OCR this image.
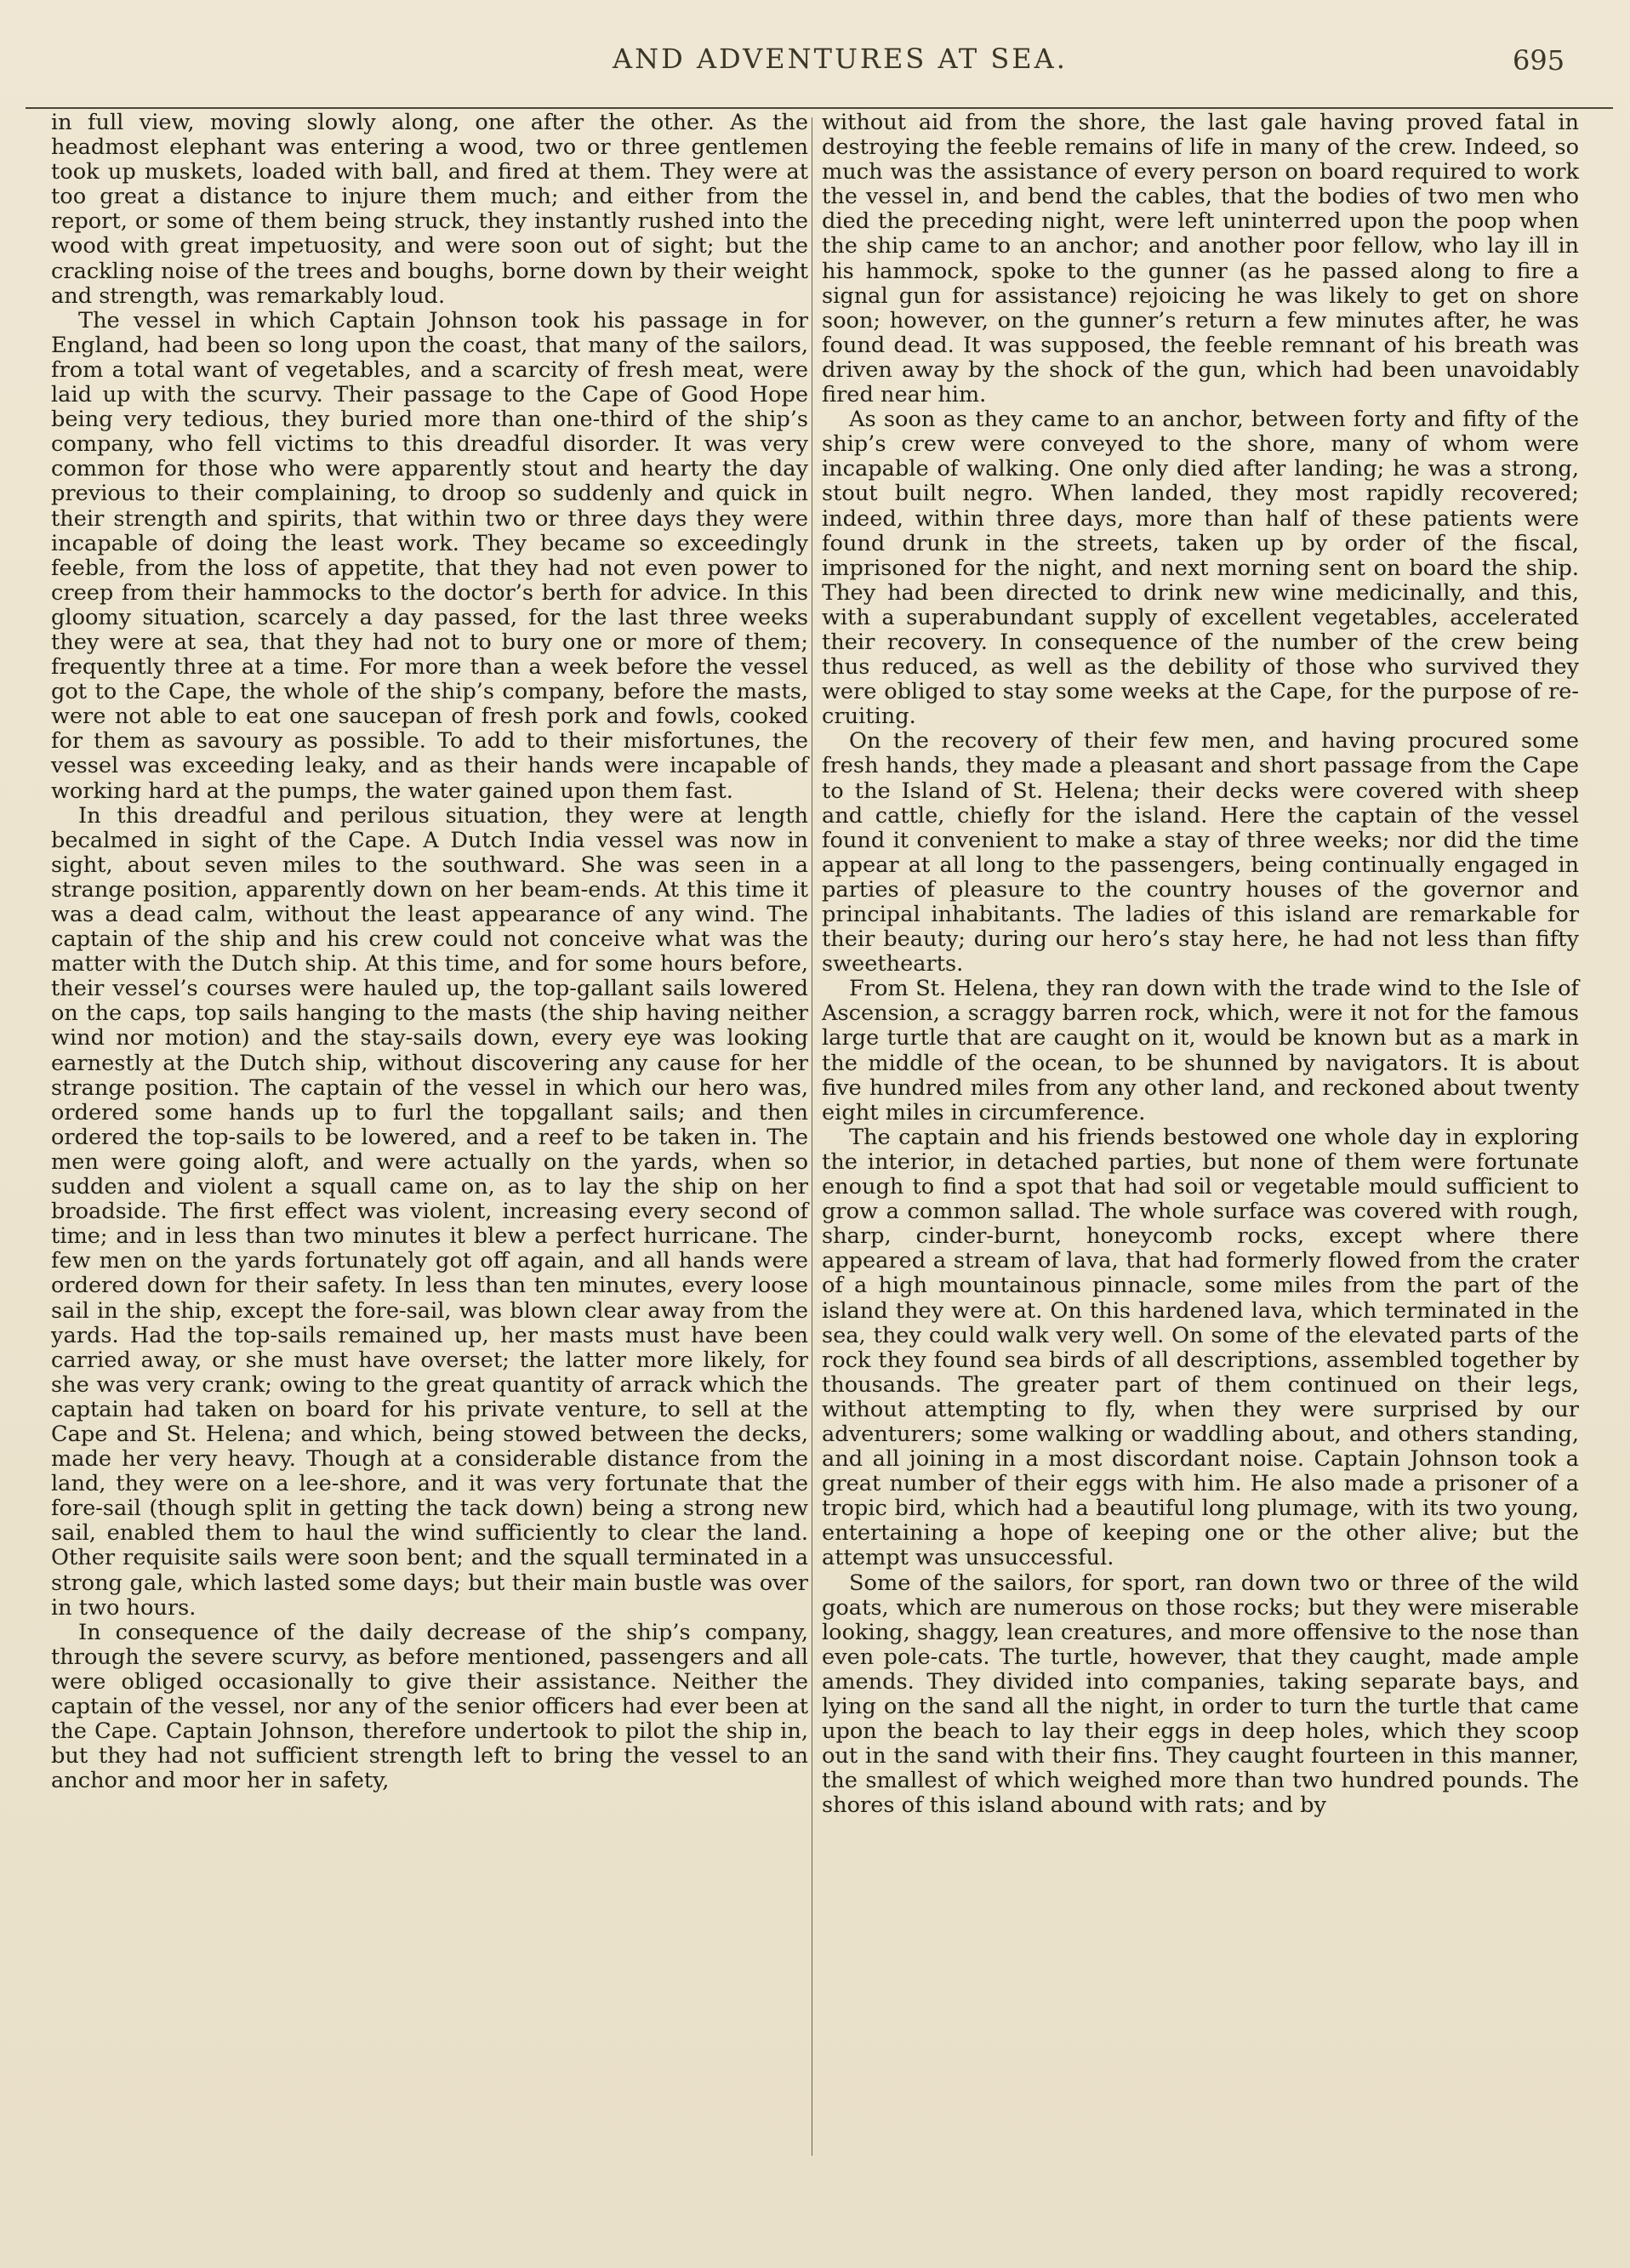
AND ADVENTURES AT SEA.	695

in full view, moving slowly along, one after the other. As the headmost elephant was entering a wood, two or three gentlemen took up muskets, loaded with ball, and fired at them. They were at too great a distance to injure them much; and either from the report, or some of them being struck, they instantly rushed into the wood with great impetuosity, and were soon out of sight; but the crackling noise of the trees and boughs, borne down by their weight and strength, was remarkably loud.

The vessel in which Captain Johnson took his passage in for England, had been so long upon the coast, that many of the sailors, from a total want of vegetables, and a scarcity of fresh meat, were laid up with the scurvy. Their passage to the Cape of Good Hope being very tedious, they buried more than one-third of the ship’s company, who fell victims to this dreadful disorder. It was very common for those who were apparently stout and hearty the day previous to their complaining, to droop so suddenly and quick in their strength and spirits, that within two or three days they were incapable of doing the least work. They became so exceedingly feeble, from the loss of appetite, that they had not even power to creep from their hammocks to the doctor’s berth for advice. In this gloomy situation, scarcely a day passed, for the last three weeks they were at sea, that they had not to bury one or more of them; frequently three at a time. For more than a week before the vessel got to the Cape, the whole of the ship’s company, before the masts, were not able to eat one saucepan of fresh pork and fowls, cooked for them as savoury as possible. To add to their misfortunes, the vessel was exceeding leaky, and as their hands were incapable of working hard at the pumps, the water gained upon them fast.

In this dreadful and perilous situation, they were at length becalmed in sight of the Cape. A Dutch India vessel was now in sight, about seven miles to the southward. She was seen in a strange position, apparently down on her beam-ends. At this time it was a dead calm, without the least appearance of any wind. The captain of the ship and his crew could not conceive what was the matter with the Dutch ship. At this time, and for some hours before, their vessel’s courses were hauled up, the top-gallant sails lowered on the caps, top sails hanging to the masts (the ship having neither wind nor motion) and the stay-sails down, every eye was looking earnestly at the Dutch ship, without discovering any cause for her strange position. The captain of the vessel in which our hero was, ordered some hands up to furl the topgallant sails; and then ordered the top-sails to be lowered, and a reef to be taken in. The men were going aloft, and were actually on the yards, when so sudden and violent a squall came on, as to lay the ship on her broadside. The first effect was violent, increasing every second of time; and in less than two minutes it blew a perfect hurricane. The few men on the yards fortunately got off again, and all hands were ordered down for their safety. In less than ten minutes, every loose sail in the ship, except the fore-sail, was blown clear away from the yards. Had the top-sails remained up, her masts must have been carried away, or she must have overset; the latter more likely, for she was very crank; owing to the great quantity of arrack which the captain had taken on board for his private venture, to sell at the Cape and St. Helena; and which, being stowed between the decks, made her very heavy. Though at a considerable distance from the land, they were on a lee-shore, and it was very fortunate that the fore-sail (though split in getting the tack down) being a strong new sail, enabled them to haul the wind sufficiently to clear the land. Other requisite sails were soon bent; and the squall terminated in a strong gale, which lasted some days; but their main bustle was over in two hours.

In consequence of the daily decrease of the ship’s company, through the severe scurvy, as before mentioned, passengers and all were obliged occasionally to give their assistance. Neither the captain of the vessel, nor any of the senior officers had ever been at the Cape. Captain Johnson, therefore undertook to pilot the ship in, but they had not sufficient strength left to bring the vessel to an anchor and moor her in safety,

without aid from the shore, the last gale having proved fatal in destroying the feeble remains of life in many of the crew. Indeed, so much was the assistance of every person on board required to work the vessel in, and bend the cables, that the bodies of two men who died the preceding night, were left uninterred upon the poop when the ship came to an anchor; and another poor fellow, who lay ill in his hammock, spoke to the gunner (as he passed along to fire a signal gun for assistance) rejoicing he was likely to get on shore soon; however, on the gunner’s return a few minutes after, he was found dead. It was supposed, the feeble remnant of his breath was driven away by the shock of the gun, which had been unavoidably fired near him.

As soon as they came to an anchor, between forty and fifty of the ship’s crew were conveyed to the shore, many of whom were incapable of walking. One only died after landing; he was a strong, stout built negro. When landed, they most rapidly recovered; indeed, within three days, more than half of these patients were found drunk in the streets, taken up by order of the fiscal, imprisoned for the night, and next morning sent on board the ship. They had been directed to drink new wine medicinally, and this, with a superabundant supply of excellent vegetables, accelerated their recovery. In consequence of the number of the crew being thus reduced, as well as the debility of those who survived they were obliged to stay some weeks at the Cape, for the purpose of recruiting.

On the recovery of their few men, and having procured some fresh hands, they made a pleasant and short passage from the Cape to the Island of St. Helena; their decks were covered with sheep and cattle, chiefly for the island. Here the captain of the vessel found it convenient to make a stay of three weeks; nor did the time appear at all long to the passengers, being continually engaged in parties of pleasure to the country houses of the governor and principal inhabitants. The ladies of this island are remarkable for their beauty; during our hero’s stay here, he had not less than fifty sweethearts.

From St. Helena, they ran down with the trade wind to the Isle of Ascension, a scraggy barren rock, which, were it not for the famous large turtle that are caught on it, would be known but as a mark in the middle of the ocean, to be shunned by navigators. It is about five hundred miles from any other land, and reckoned about twenty eight miles in circumference.

The captain and his friends bestowed one whole day in exploring the interior, in detached parties, but none of them were fortunate enough to find a spot that had soil or vegetable mould sufficient to grow a common sallad. The whole surface was covered with rough, sharp, cinder-burnt, honeycomb rocks, except where there appeared a stream of lava, that had formerly flowed from the crater of a high mountainous pinnacle, some miles from the part of the island they were at. On this hardened lava, which terminated in the sea, they could walk very well. On some of the elevated parts of the rock they found sea birds of all descriptions, assembled together by thousands. The greater part of them continued on their legs, without attempting to fly, when they were surprised by our adventurers; some walking or waddling about, and others standing, and all joining in a most discordant noise. Captain Johnson took a great number of their eggs with him. He also made a prisoner of a tropic bird, which had a beautiful long plumage, with its two young, entertaining a hope of keeping one or the other alive; but the attempt was unsuccessful.

Some of the sailors, for sport, ran down two or three of the wild goats, which are numerous on those rocks; but they were miserable looking, shaggy, lean creatures, and more offensive to the nose than even pole-cats. The turtle, however, that they caught, made ample amends. They divided into companies, taking separate bays, and lying on the sand all the night, in order to turn the turtle that came upon the beach to lay their eggs in deep holes, which they scoop out in the sand with their fins. They caught fourteen in this manner, the smallest of which weighed more than two hundred pounds. The shores of this island abound with rats; and by
